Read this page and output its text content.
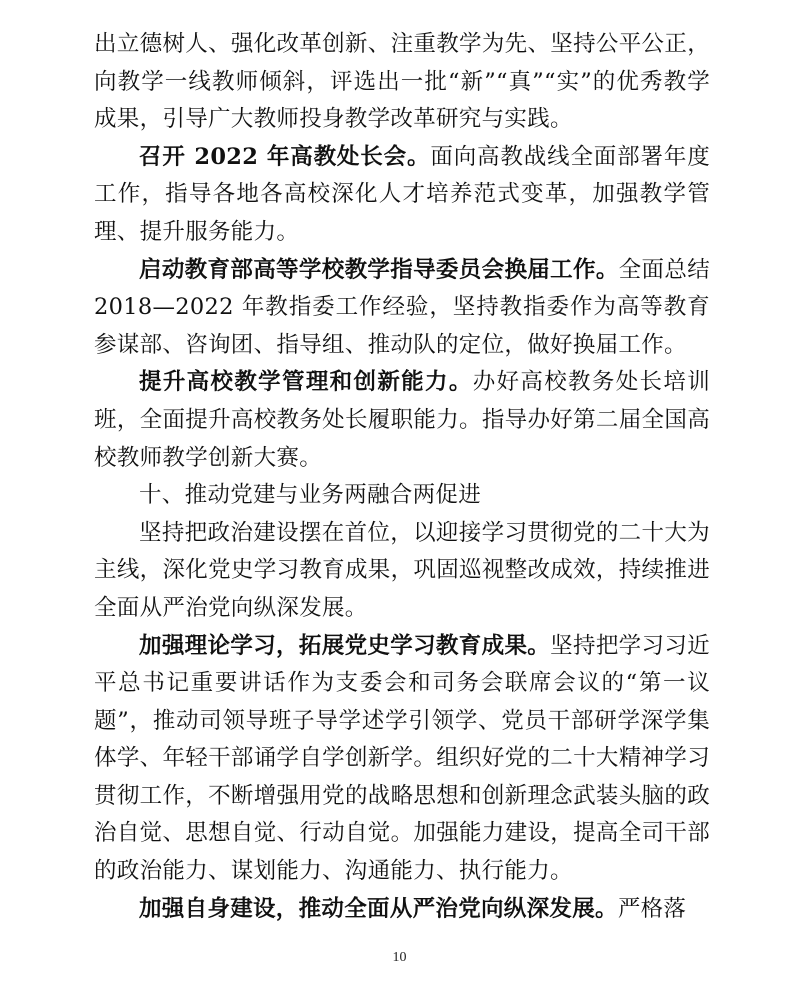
出立德树人、强化改革创新、注重教学为先、坚持公平公正，向教学一线教师倾斜，评选出一批“新”“真”“实”的优秀教学成果，引导广大教师投身教学改革研究与实践。

召开 2022 年高教处长会。面向高教战线全面部署年度工作，指导各地各高校深化人才培养范式变革，加强教学管理、提升服务能力。

启动教育部高等学校教学指导委员会换届工作。全面总结 2018—2022 年教指委工作经验，坚持教指委作为高等教育参谋部、咨询团、指导组、推动队的定位，做好换届工作。

提升高校教学管理和创新能力。办好高校教务处长培训班，全面提升高校教务处长履职能力。指导办好第二届全国高校教师教学创新大赛。

十、推动党建与业务两融合两促进

坚持把政治建设摆在首位，以迎接学习贯彻党的二十大为主线，深化党史学习教育成果，巩固巡视整改成效，持续推进全面从严治党向纵深发展。

加强理论学习，拓展党史学习教育成果。坚持把学习习近平总书记重要讲话作为支委会和司务会联席会议的“第一议题”，推动司领导班子导学述学引领学、党员干部研学深学集体学、年轻干部诵学自学创新学。组织好党的二十大精神学习贯彻工作，不断增强用党的战略思想和创新理念武装头脑的政治自觉、思想自觉、行动自觉。加强能力建设，提高全司干部的政治能力、谋划能力、沟通能力、执行能力。

加强自身建设，推动全面从严治党向纵深发展。严格落

10
